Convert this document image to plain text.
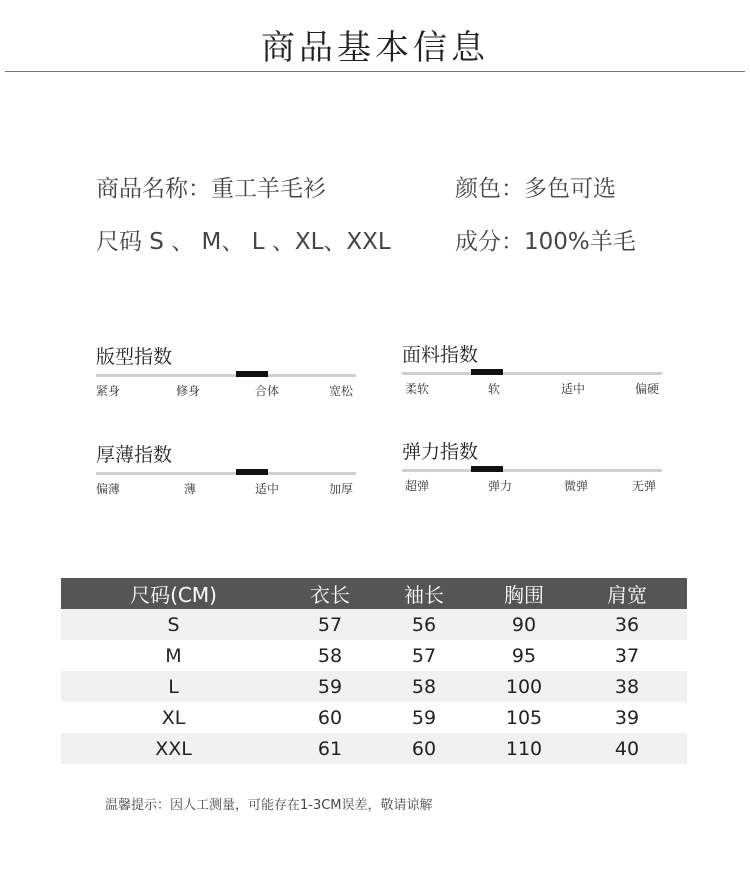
商品基本信息
商品名称：重工羊毛衫	颜色：多色可选
尺码 S 、 M、 L 、XL、XXL	成分：100%羊毛
版型指数
紧身	修身	合体	宽松
面料指数
柔软	软	适中	偏硬
厚薄指数
偏薄	薄	适中	加厚
弹力指数
超弹	弹力	微弹	无弹
尺码(CM)	衣长	袖长	胸围	肩宽	
S	57	56	90	36	
M	58	57	95	37	
L	59	58	100	38	
XL	60	59	105	39	
XXL	61	60	110	40	
温馨提示：因人工测量，可能存在1-3CM误差，敬请谅解
